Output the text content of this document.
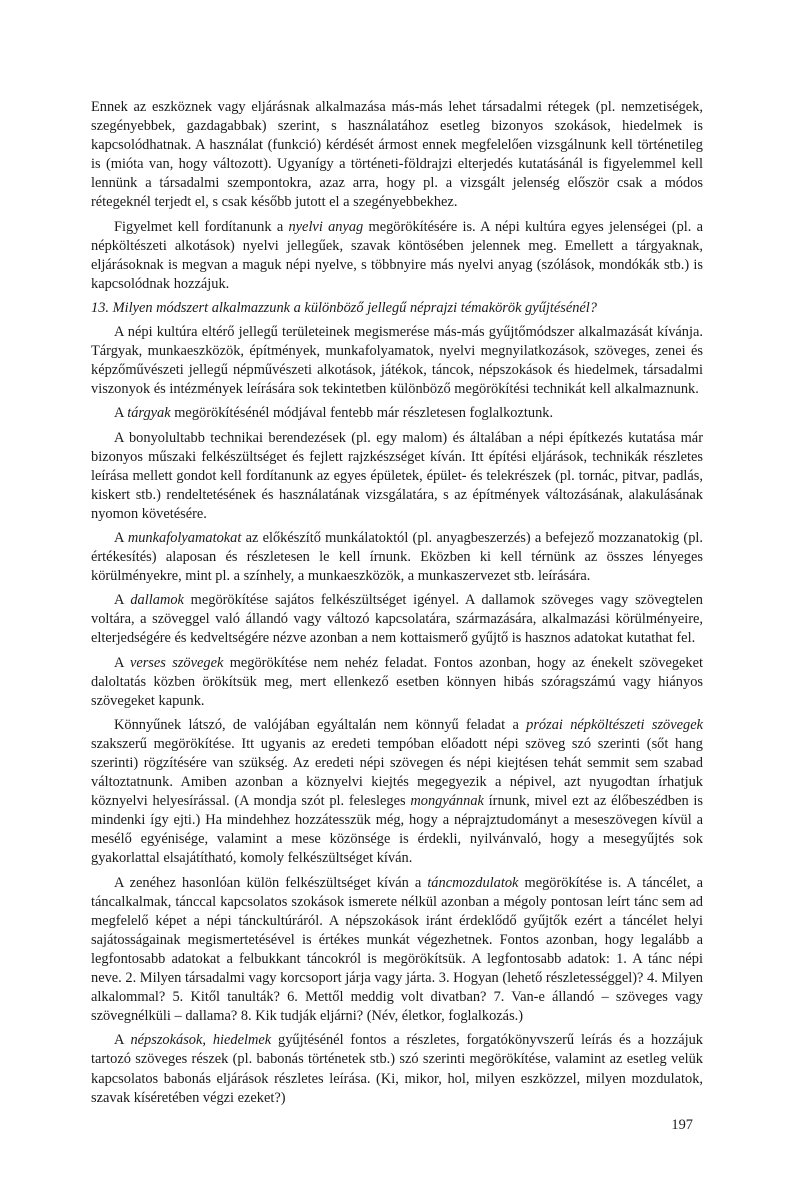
Ennek az eszköznek vagy eljárásnak alkalmazása más-más lehet társadalmi rétegek (pl. nemzetiségek, szegényebbek, gazdagabbak) szerint, s használatához esetleg bizonyos szokások, hiedelmek is kapcsolódhatnak. A használat (funkció) kérdését ármost ennek megfelelően vizsgálnunk kell történetileg is (mióta van, hogy változott). Ugyanígy a történeti-földrajzi elterjedés kutatásánál is figyelemmel kell lennünk a társadalmi szempontokra, azaz arra, hogy pl. a vizsgált jelenség először csak a módos rétegeknél terjedt el, s csak később jutott el a szegényebbekhez.

Figyelmet kell fordítanunk a nyelvi anyag megörökítésére is. A népi kultúra egyes jelenségei (pl. a népköltészeti alkotások) nyelvi jellegűek, szavak köntösében jelennek meg. Emellett a tárgyaknak, eljárásoknak is megvan a maguk népi nyelve, s többnyire más nyelvi anyag (szólások, mondókák stb.) is kapcsolódnak hozzájuk.

13. Milyen módszert alkalmazzunk a különböző jellegű néprajzi témakörök gyűjtésénél?

A népi kultúra eltérő jellegű területeinek megismerése más-más gyűjtőmódszer alkalmazását kívánja. Tárgyak, munkaeszközök, építmények, munkafolyamatok, nyelvi megnyilatkozások, szöveges, zenei és képzőművészeti jellegű népművészeti alkotások, játékok, táncok, népszokások és hiedelmek, társadalmi viszonyok és intézmények leírására sok tekintetben különböző megörökítési technikát kell alkalmaznunk.

A tárgyak megörökítésénél módjával fentebb már részletesen foglalkoztunk.

A bonyolultabb technikai berendezések (pl. egy malom) és általában a népi építkezés kutatása már bizonyos műszaki felkészültséget és fejlett rajzkészséget kíván. Itt építési eljárások, technikák részletes leírása mellett gondot kell fordítanunk az egyes épületek, épület- és telekrészek (pl. tornác, pitvar, padlás, kiskert stb.) rendeltetésének és használatának vizsgálatára, s az építmények változásának, alakulásának nyomon követésére.

A munkafolyamatokat az előkészítő munkálatoktól (pl. anyagbeszerzés) a befejező mozzanatokig (pl. értékesítés) alaposan és részletesen le kell írnunk. Eközben ki kell térnünk az összes lényeges körülményekre, mint pl. a színhely, a munkaeszközök, a munkaszervezet stb. leírására.

A dallamok megörökítése sajátos felkészültséget igényel. A dallamok szöveges vagy szövegtelen voltára, a szöveggel való állandó vagy változó kapcsolatára, származására, alkalmazási körülményeire, elterjedségére és kedveltségére nézve azonban a nem kottaismerő gyűjtő is hasznos adatokat kutathat fel.

A verses szövegek megörökítése nem nehéz feladat. Fontos azonban, hogy az énekelt szövegeket daloltatás közben örökítsük meg, mert ellenkező esetben könnyen hibás szóragszámú vagy hiányos szövegeket kapunk.

Könnyűnek látszó, de valójában egyáltalán nem könnyű feladat a prózai népköltészeti szövegek szakszerű megörökítése. Itt ugyanis az eredeti tempóban előadott népi szöveg szó szerinti (sőt hang szerinti) rögzítésére van szükség. Az eredeti népi szövegen és népi kiejtésen tehát semmit sem szabad változtatnunk. Amiben azonban a köznyelvi kiejtés megegyezik a népivel, azt nyugodtan írhatjuk köznyelvi helyesírással. (A mondja szót pl. felesleges mongyánnak írnunk, mivel ezt az élőbeszédben is mindenki így ejti.) Ha mindehhez hozzátesszük még, hogy a néprajztudományt a meseszövegen kívül a mesélő egyénisége, valamint a mese közönsége is érdekli, nyilvánvaló, hogy a mesegyűjtés sok gyakorlattal elsajátítható, komoly felkészültséget kíván.

A zenéhez hasonlóan külön felkészültséget kíván a táncmozdulatok megörökítése is. A táncélet, a táncalkalmak, tánccal kapcsolatos szokások ismerete nélkül azonban a mégoly pontosan leírt tánc sem ad megfelelő képet a népi tánckultúráról. A népszokások iránt érdeklődő gyűjtők ezért a táncélet helyi sajátosságainak megismertetésével is értékes munkát végezhetnek. Fontos azonban, hogy legalább a legfontosabb adatokat a felbukkant táncokról is megörökítsük. A legfontosabb adatok: 1. A tánc népi neve. 2. Milyen társadalmi vagy korcsoport járja vagy járta. 3. Hogyan (lehető részletességgel)? 4. Milyen alkalommal? 5. Kitől tanulták? 6. Mettől meddig volt divatban? 7. Van-e állandó – szöveges vagy szövegnélküli – dallama? 8. Kik tudják eljárni? (Név, életkor, foglalkozás.)

A népszokások, hiedelmek gyűjtésénél fontos a részletes, forgatókönyvszerű leírás és a hozzájuk tartozó szöveges részek (pl. babonás történetek stb.) szó szerinti megörökítése, valamint az esetleg velük kapcsolatos babonás eljárások részletes leírása. (Ki, mikor, hol, milyen eszközzel, milyen mozdulatok, szavak kíséretében végzi ezeket?)

197
